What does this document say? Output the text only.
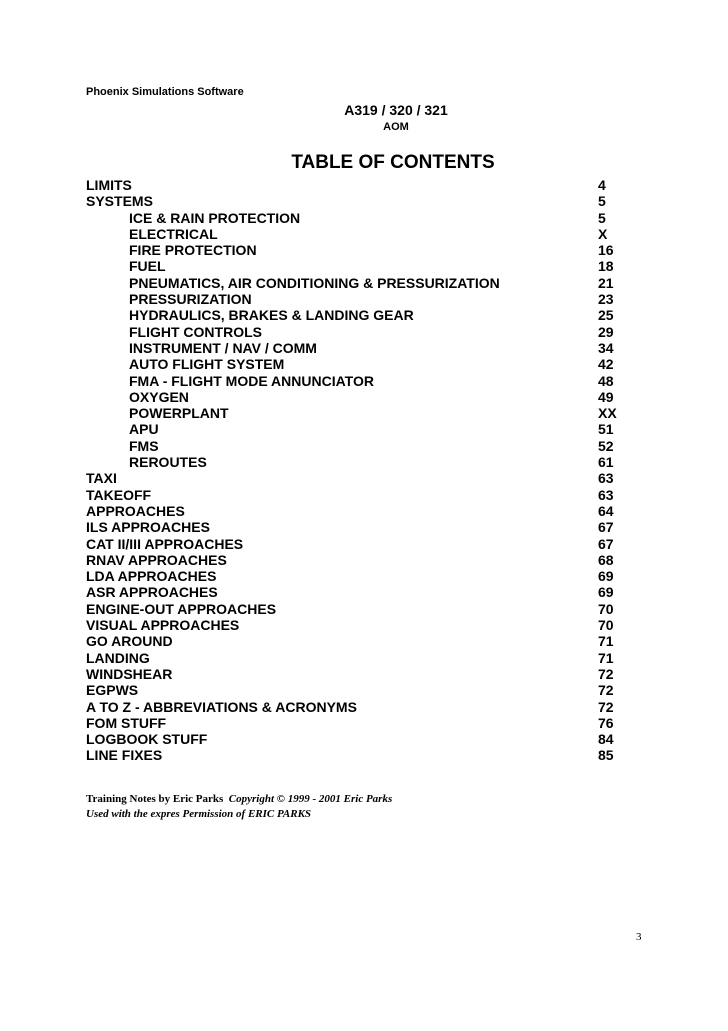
Phoenix Simulations Software
A319 / 320 / 321
AOM
TABLE OF CONTENTS
LIMITS	4
SYSTEMS	5
ICE & RAIN PROTECTION	5
ELECTRICAL	X
FIRE PROTECTION	16
FUEL	18
PNEUMATICS, AIR CONDITIONING & PRESSURIZATION	21
PRESSURIZATION	23
HYDRAULICS, BRAKES & LANDING GEAR	25
FLIGHT CONTROLS	29
INSTRUMENT / NAV / COMM	34
AUTO FLIGHT SYSTEM	42
FMA - FLIGHT MODE ANNUNCIATOR	48
OXYGEN	49
POWERPLANT	XX
APU	51
FMS	52
REROUTES	61
TAXI	63
TAKEOFF	63
APPROACHES	64
ILS APPROACHES	67
CAT II/III APPROACHES	67
RNAV APPROACHES	68
LDA APPROACHES	69
ASR APPROACHES	69
ENGINE-OUT APPROACHES	70
VISUAL APPROACHES	70
GO AROUND	71
LANDING	71
WINDSHEAR	72
EGPWS	72
A TO Z - ABBREVIATIONS & ACRONYMS	72
FOM STUFF	76
LOGBOOK STUFF	84
LINE FIXES	85
Training Notes by Eric Parks Copyright © 1999 - 2001 Eric Parks
Used with the expres Permission of ERIC PARKS
3
